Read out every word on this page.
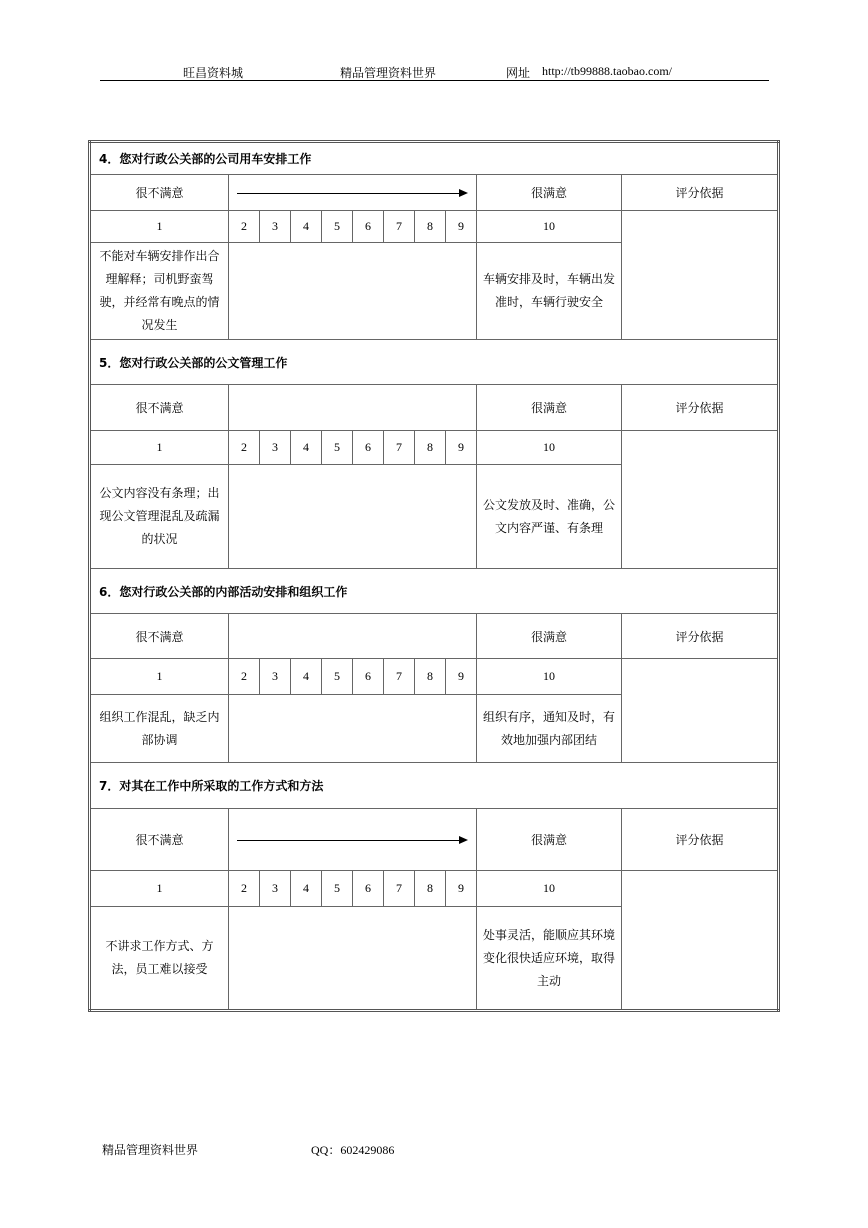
旺昌资料城	精品管理资料世界	网址 http://tb99888.taobao.com/
4．您对行政公关部的公司用车安排工作										
很不满意									很满意	评分依据
1	2	3	4	5	6	7	8	9	10	
不能对车辆安排作出合理解释；司机野蛮驾驶，并经常有晚点的情况发生									车辆安排及时，车辆出发准时，车辆行驶安全	
5．您对行政公关部的公文管理工作										
很不满意									很满意	评分依据
1	2	3	4	5	6	7	8	9	10	
公文内容没有条理；出现公文管理混乱及疏漏的状况									公文发放及时、准确，公文内容严谨、有条理	
6．您对行政公关部的内部活动安排和组织工作										
很不满意									很满意	评分依据
1	2	3	4	5	6	7	8	9	10	
组织工作混乱，缺乏内部协调									组织有序，通知及时，有效地加强内部团结	
7．对其在工作中所采取的工作方式和方法										
很不满意									很满意	评分依据
1	2	3	4	5	6	7	8	9	10	
不讲求工作方式、方法，员工难以接受									处事灵活，能顺应其环境变化很快适应环境，取得主动	
精品管理资料世界	QQ：602429086
